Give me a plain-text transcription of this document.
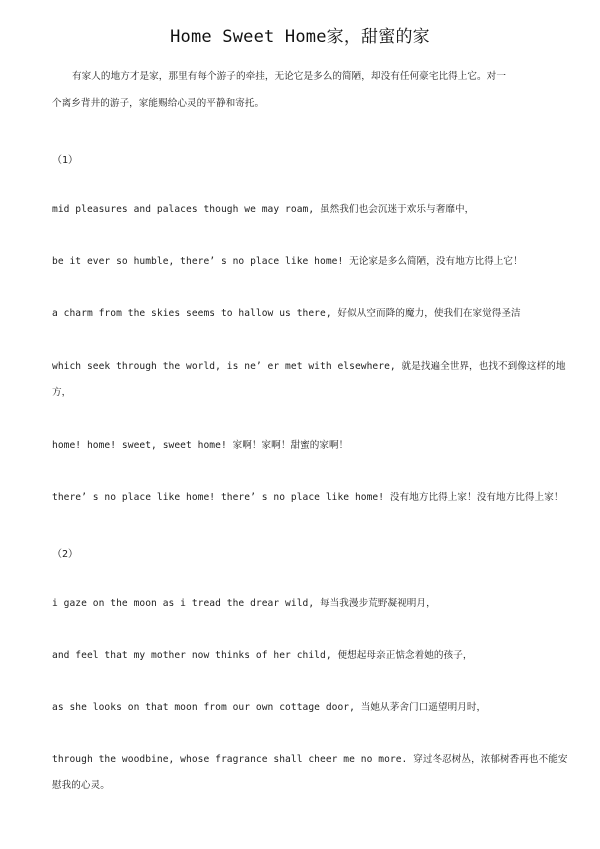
Home Sweet Home家，甜蜜的家
有家人的地方才是家，那里有每个游子的牵挂，无论它是多么的简陋，却没有任何豪宅比得上它。对一
个离乡背井的游子，家能赐给心灵的平静和寄托。
（1）
mid pleasures and palaces though we may roam, 虽然我们也会沉迷于欢乐与奢靡中，
be it ever so humble, there’ s no place like home! 无论家是多么简陋，没有地方比得上它！
a charm from the skies seems to hallow us there, 好似从空而降的魔力，使我们在家觉得圣洁
which seek through the world, is ne’ er met with elsewhere, 就是找遍全世界，也找不到像这样的地
方，
home! home! sweet, sweet home! 家啊！家啊！甜蜜的家啊！
there’ s no place like home! there’ s no place like home! 没有地方比得上家！没有地方比得上家！
（2）
i gaze on the moon as i tread the drear wild, 每当我漫步荒野凝视明月，
and feel that my mother now thinks of her child, 便想起母亲正惦念着她的孩子，
as she looks on that moon from our own cottage door, 当她从茅舍门口遥望明月时，
through the woodbine, whose fragrance shall cheer me no more. 穿过冬忍树丛，浓郁树香再也不能安
慰我的心灵。
